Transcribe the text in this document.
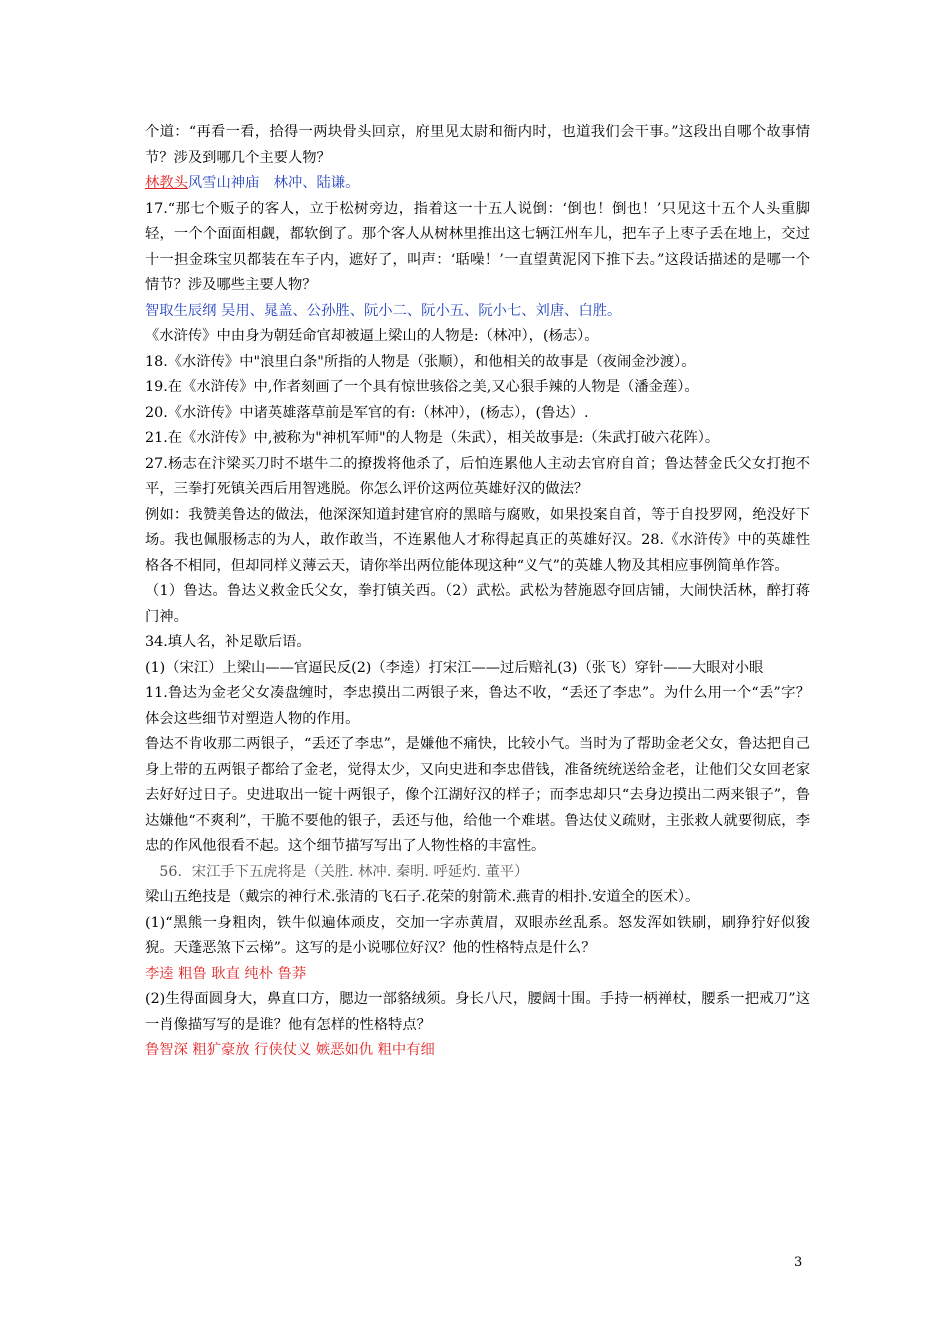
个道：“再看一看，拾得一两块骨头回京，府里见太尉和衙内时，也道我们会干事。”这段出自哪个故事情节？涉及到哪几个主要人物？

林教头风雪山神庙　林冲、陆谦。

17.“那七个贩子的客人，立于松树旁边，指着这一十五人说倒：‘倒也！倒也！’只见这十五个人头重脚轻，一个个面面相觑，都软倒了。那个客人从树林里推出这七辆江州车儿，把车子上枣子丢在地上，交过十一担金珠宝贝都装在车子内，遮好了，叫声：‘聒噪！’一直望黄泥冈下推下去。”这段话描述的是哪一个情节？涉及哪些主要人物？

智取生辰纲 吴用、晁盖、公孙胜、阮小二、阮小五、阮小七、刘唐、白胜。

《水浒传》中由身为朝廷命官却被逼上梁山的人物是:（林冲），(杨志）。

18.《水浒传》中"浪里白条"所指的人物是（张顺），和他相关的故事是（夜闹金沙渡）。

19.在《水浒传》中,作者刻画了一个具有惊世骇俗之美,又心狠手辣的人物是（潘金莲）。

20.《水浒传》中诸英雄落草前是军官的有:（林冲），(杨志），(鲁达）.

21.在《水浒传》中,被称为"神机军师"的人物是（朱武），相关故事是:（朱武打破六花阵）。

27.杨志在汴梁买刀时不堪牛二的撩拨将他杀了，后怕连累他人主动去官府自首；鲁达替金氏父女打抱不平，三拳打死镇关西后用智逃脱。你怎么评价这两位英雄好汉的做法？

例如：我赞美鲁达的做法，他深深知道封建官府的黑暗与腐败，如果投案自首，等于自投罗网，绝没好下场。我也佩服杨志的为人，敢作敢当，不连累他人才称得起真正的英雄好汉。28.《水浒传》中的英雄性格各不相同，但却同样义薄云天，请你举出两位能体现这种“义气”的英雄人物及其相应事例简单作答。

（1）鲁达。鲁达义救金氏父女，拳打镇关西。（2）武松。武松为替施恩夺回店铺，大闹快活林，醉打蒋门神。

34.填人名，补足歇后语。

(1)（宋江）上梁山——官逼民反(2)（李逵）打宋江——过后赔礼(3)（张飞）穿针——大眼对小眼

11.鲁达为金老父女凑盘缠时，李忠摸出二两银子来，鲁达不收，“丢还了李忠”。为什么用一个“丢”字？体会这些细节对塑造人物的作用。

鲁达不肯收那二两银子，“丢还了李忠”，是嫌他不痛快，比较小气。当时为了帮助金老父女，鲁达把自己身上带的五两银子都给了金老，觉得太少，又向史进和李忠借钱，准备统统送给金老，让他们父女回老家去好好过日子。史进取出一锭十两银子，像个江湖好汉的样子；而李忠却只“去身边摸出二两来银子”，鲁达嫌他“不爽利”，干脆不要他的银子，丢还与他，给他一个难堪。鲁达仗义疏财，主张救人就要彻底，李忠的作风他很看不起。这个细节描写写出了人物性格的丰富性。

　56．宋江手下五虎将是（关胜. 林冲. 秦明. 呼延灼. 董平）

梁山五绝技是（戴宗的神行术.张清的飞石子.花荣的射箭术.燕青的相扑.安道全的医术）。

(1)“黑熊一身粗肉，铁牛似遍体顽皮，交加一字赤黄眉，双眼赤丝乱系。怒发浑如铁刷，刷狰狞好似狻猊。天蓬恶煞下云梯”。这写的是小说哪位好汉？他的性格特点是什么？

李逵 粗鲁 耿直 纯朴 鲁莽

(2)生得面圆身大，鼻直口方，腮边一部貉绒须。身长八尺，腰阔十围。手持一柄禅杖，腰系一把戒刀”这一肖像描写写的是谁？他有怎样的性格特点？

鲁智深 粗犷豪放 行侠仗义 嫉恶如仇 粗中有细

3
